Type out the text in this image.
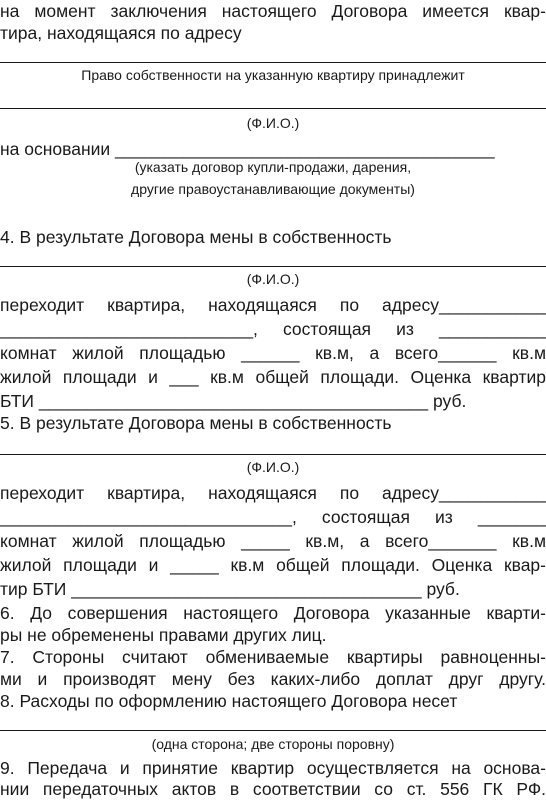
на момент заключения настоящего Договора имеется квар-

тира, находящаяся по адресу

Право собственности на указанную квартиру принадлежит

(Ф.И.О.)

на основании _______________________________________

(указать договор купли-продажи, дарения,

другие правоустанавливающие документы)

4. В результате Договора мены в собственность

(Ф.И.О.)

переходит квартира, находящаяся по адресу___________

__________________________, состоящая из ___________

комнат жилой площадью ______ кв.м, а всего______ кв.м

жилой площади и ___ кв.м общей площади. Оценка квартир

БТИ ________________________________________ руб.

5. В результате Договора мены в собственность

(Ф.И.О.)

переходит квартира, находящаяся по адресу___________

______________________________, состоящая из _______

комнат жилой площадью _____ кв.м, а всего_______ кв.м

жилой площади и _____ кв.м общей площади. Оценка квар-

тир БТИ ____________________________________ руб.

6. До совершения настоящего Договора указанные кварти-

ры не обременены правами других лиц.

7. Стороны считают обмениваемые квартиры равноценны-

ми и производят мену без каких-либо доплат друг другу.

8. Расходы по оформлению настоящего Договора несет

(одна сторона; две стороны поровну)

9. Передача и принятие квартир осуществляется на основа-

нии передаточных актов в соответствии со ст. 556 ГК РФ.
